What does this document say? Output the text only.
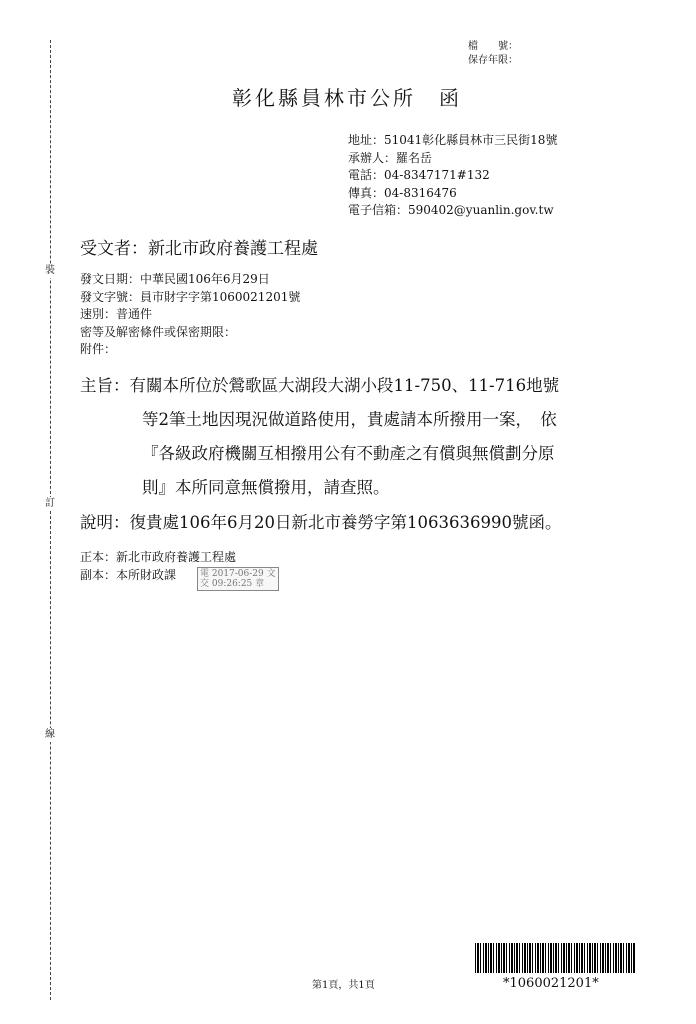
檔　　號：
保存年限：
裝
訂
線
彰化縣員林市公所　函
地址：51041彰化縣員林市三民街18號
承辦人：羅名岳
電話：04-8347171#132
傳真：04-8316476
電子信箱：590402@yuanlin.gov.tw
受文者：新北市政府養護工程處
發文日期：中華民國106年6月29日
發文字號：員市財字字第1060021201號
速別：普通件
密等及解密條件或保密期限：
附件：
主旨：有關本所位於鶯歌區大湖段大湖小段11-750、11-716地號
等2筆土地因現況做道路使用，貴處請本所撥用一案，　依
『各級政府機關互相撥用公有不動產之有償與無償劃分原
則』本所同意無償撥用，請查照。
說明：復貴處106年6月20日新北市養勞字第1063636990號函。
正本：新北市政府養護工程處
副本：本所財政課	電 2017-06-29 文
交 09:26:25 章
第1頁，共1頁	*1060021201*
